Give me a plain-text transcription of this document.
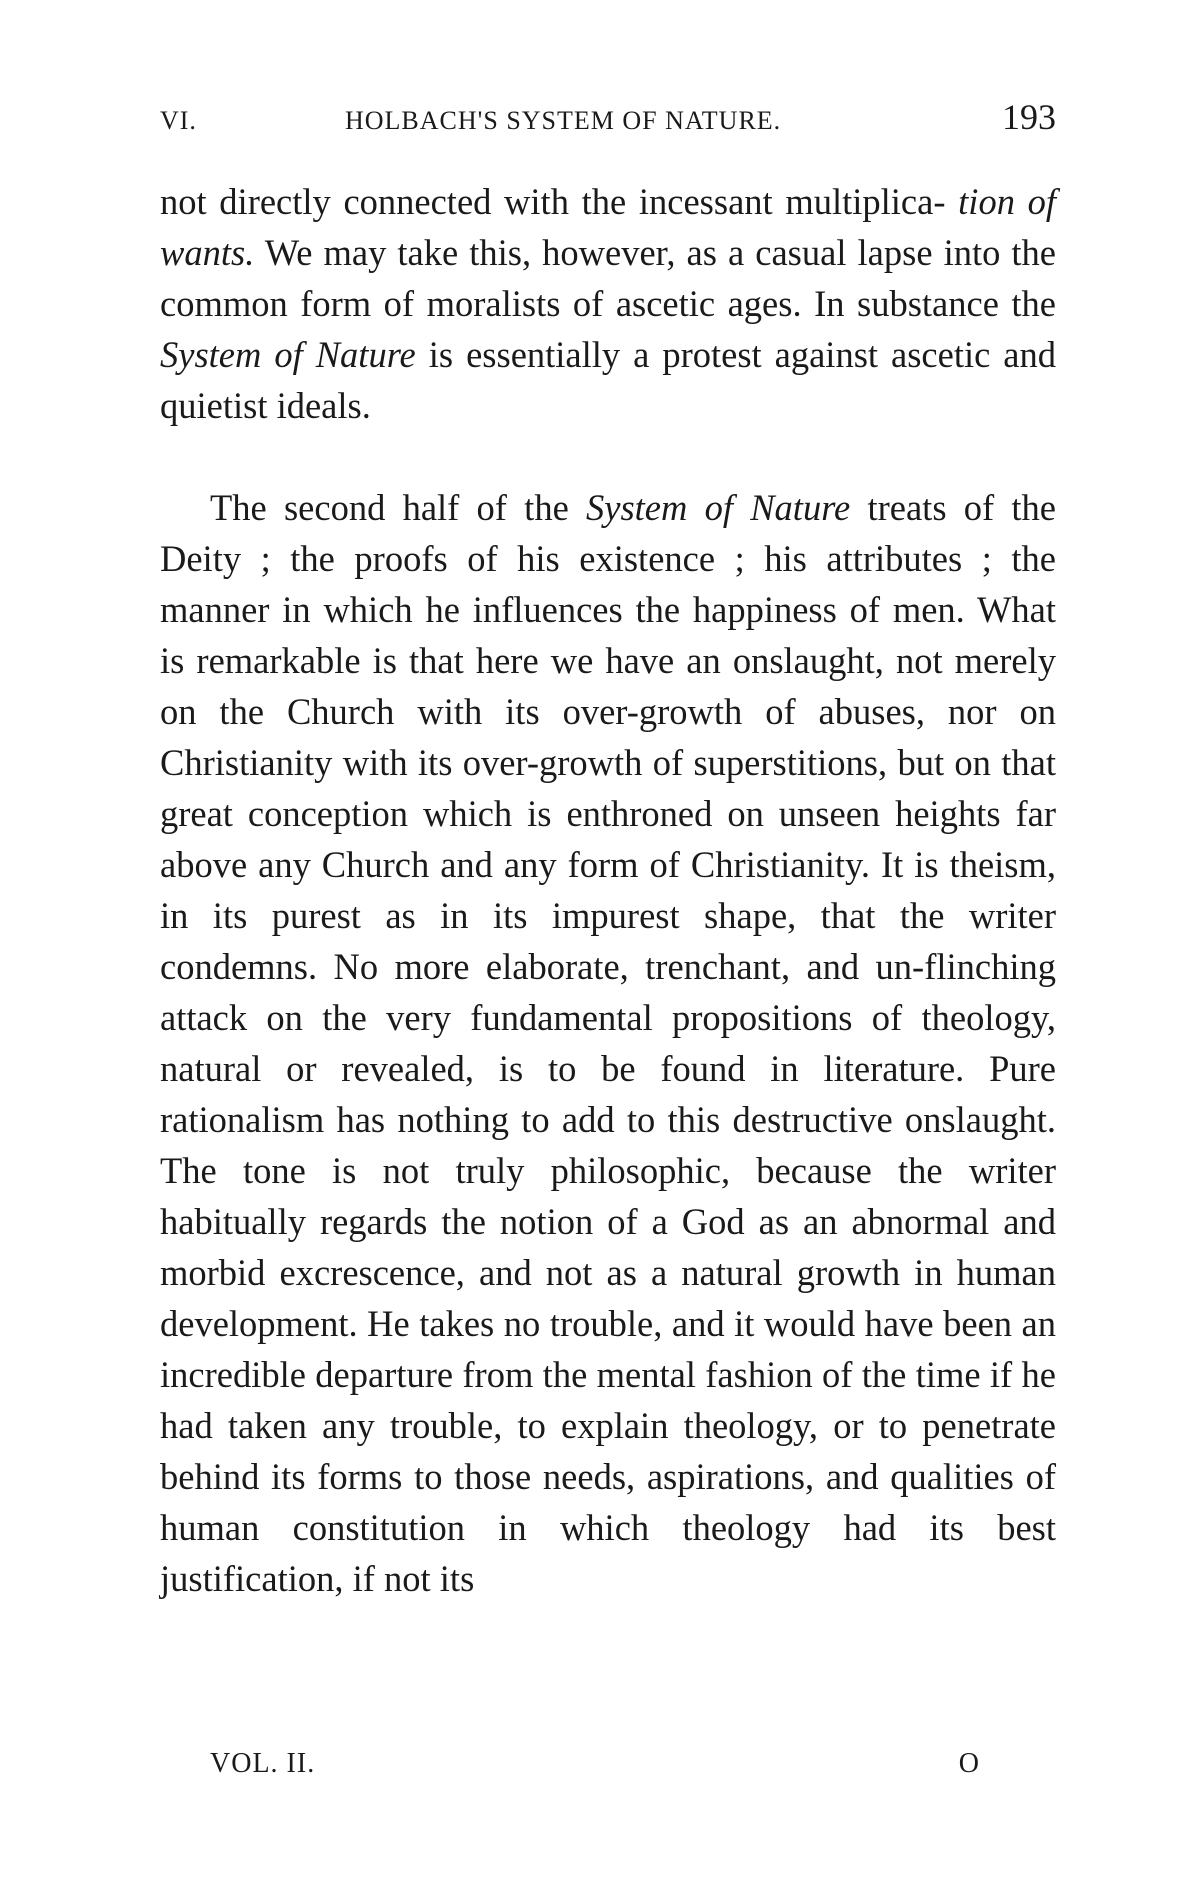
VI.	HOLBACH'S SYSTEM OF NATURE.	193

not directly connected with the incessant multiplica- tion of wants. We may take this, however, as a casual lapse into the common form of moralists of ascetic ages. In substance the System of Nature is essentially a protest against ascetic and quietist ideals.

The second half of the System of Nature treats of the Deity ; the proofs of his existence ; his attributes ; the manner in which he influences the happiness of men. What is remarkable is that here we have an onslaught, not merely on the Church with its over-growth of abuses, nor on Christianity with its over-growth of superstitions, but on that great conception which is enthroned on unseen heights far above any Church and any form of Christianity. It is theism, in its purest as in its impurest shape, that the writer condemns. No more elaborate, trenchant, and un-flinching attack on the very fundamental propositions of theology, natural or revealed, is to be found in literature. Pure rationalism has nothing to add to this destructive onslaught. The tone is not truly philosophic, because the writer habitually regards the notion of a God as an abnormal and morbid excrescence, and not as a natural growth in human development. He takes no trouble, and it would have been an incredible departure from the mental fashion of the time if he had taken any trouble, to explain theology, or to penetrate behind its forms to those needs, aspirations, and qualities of human constitution in which theology had its best justification, if not its

VOL. II.	O
